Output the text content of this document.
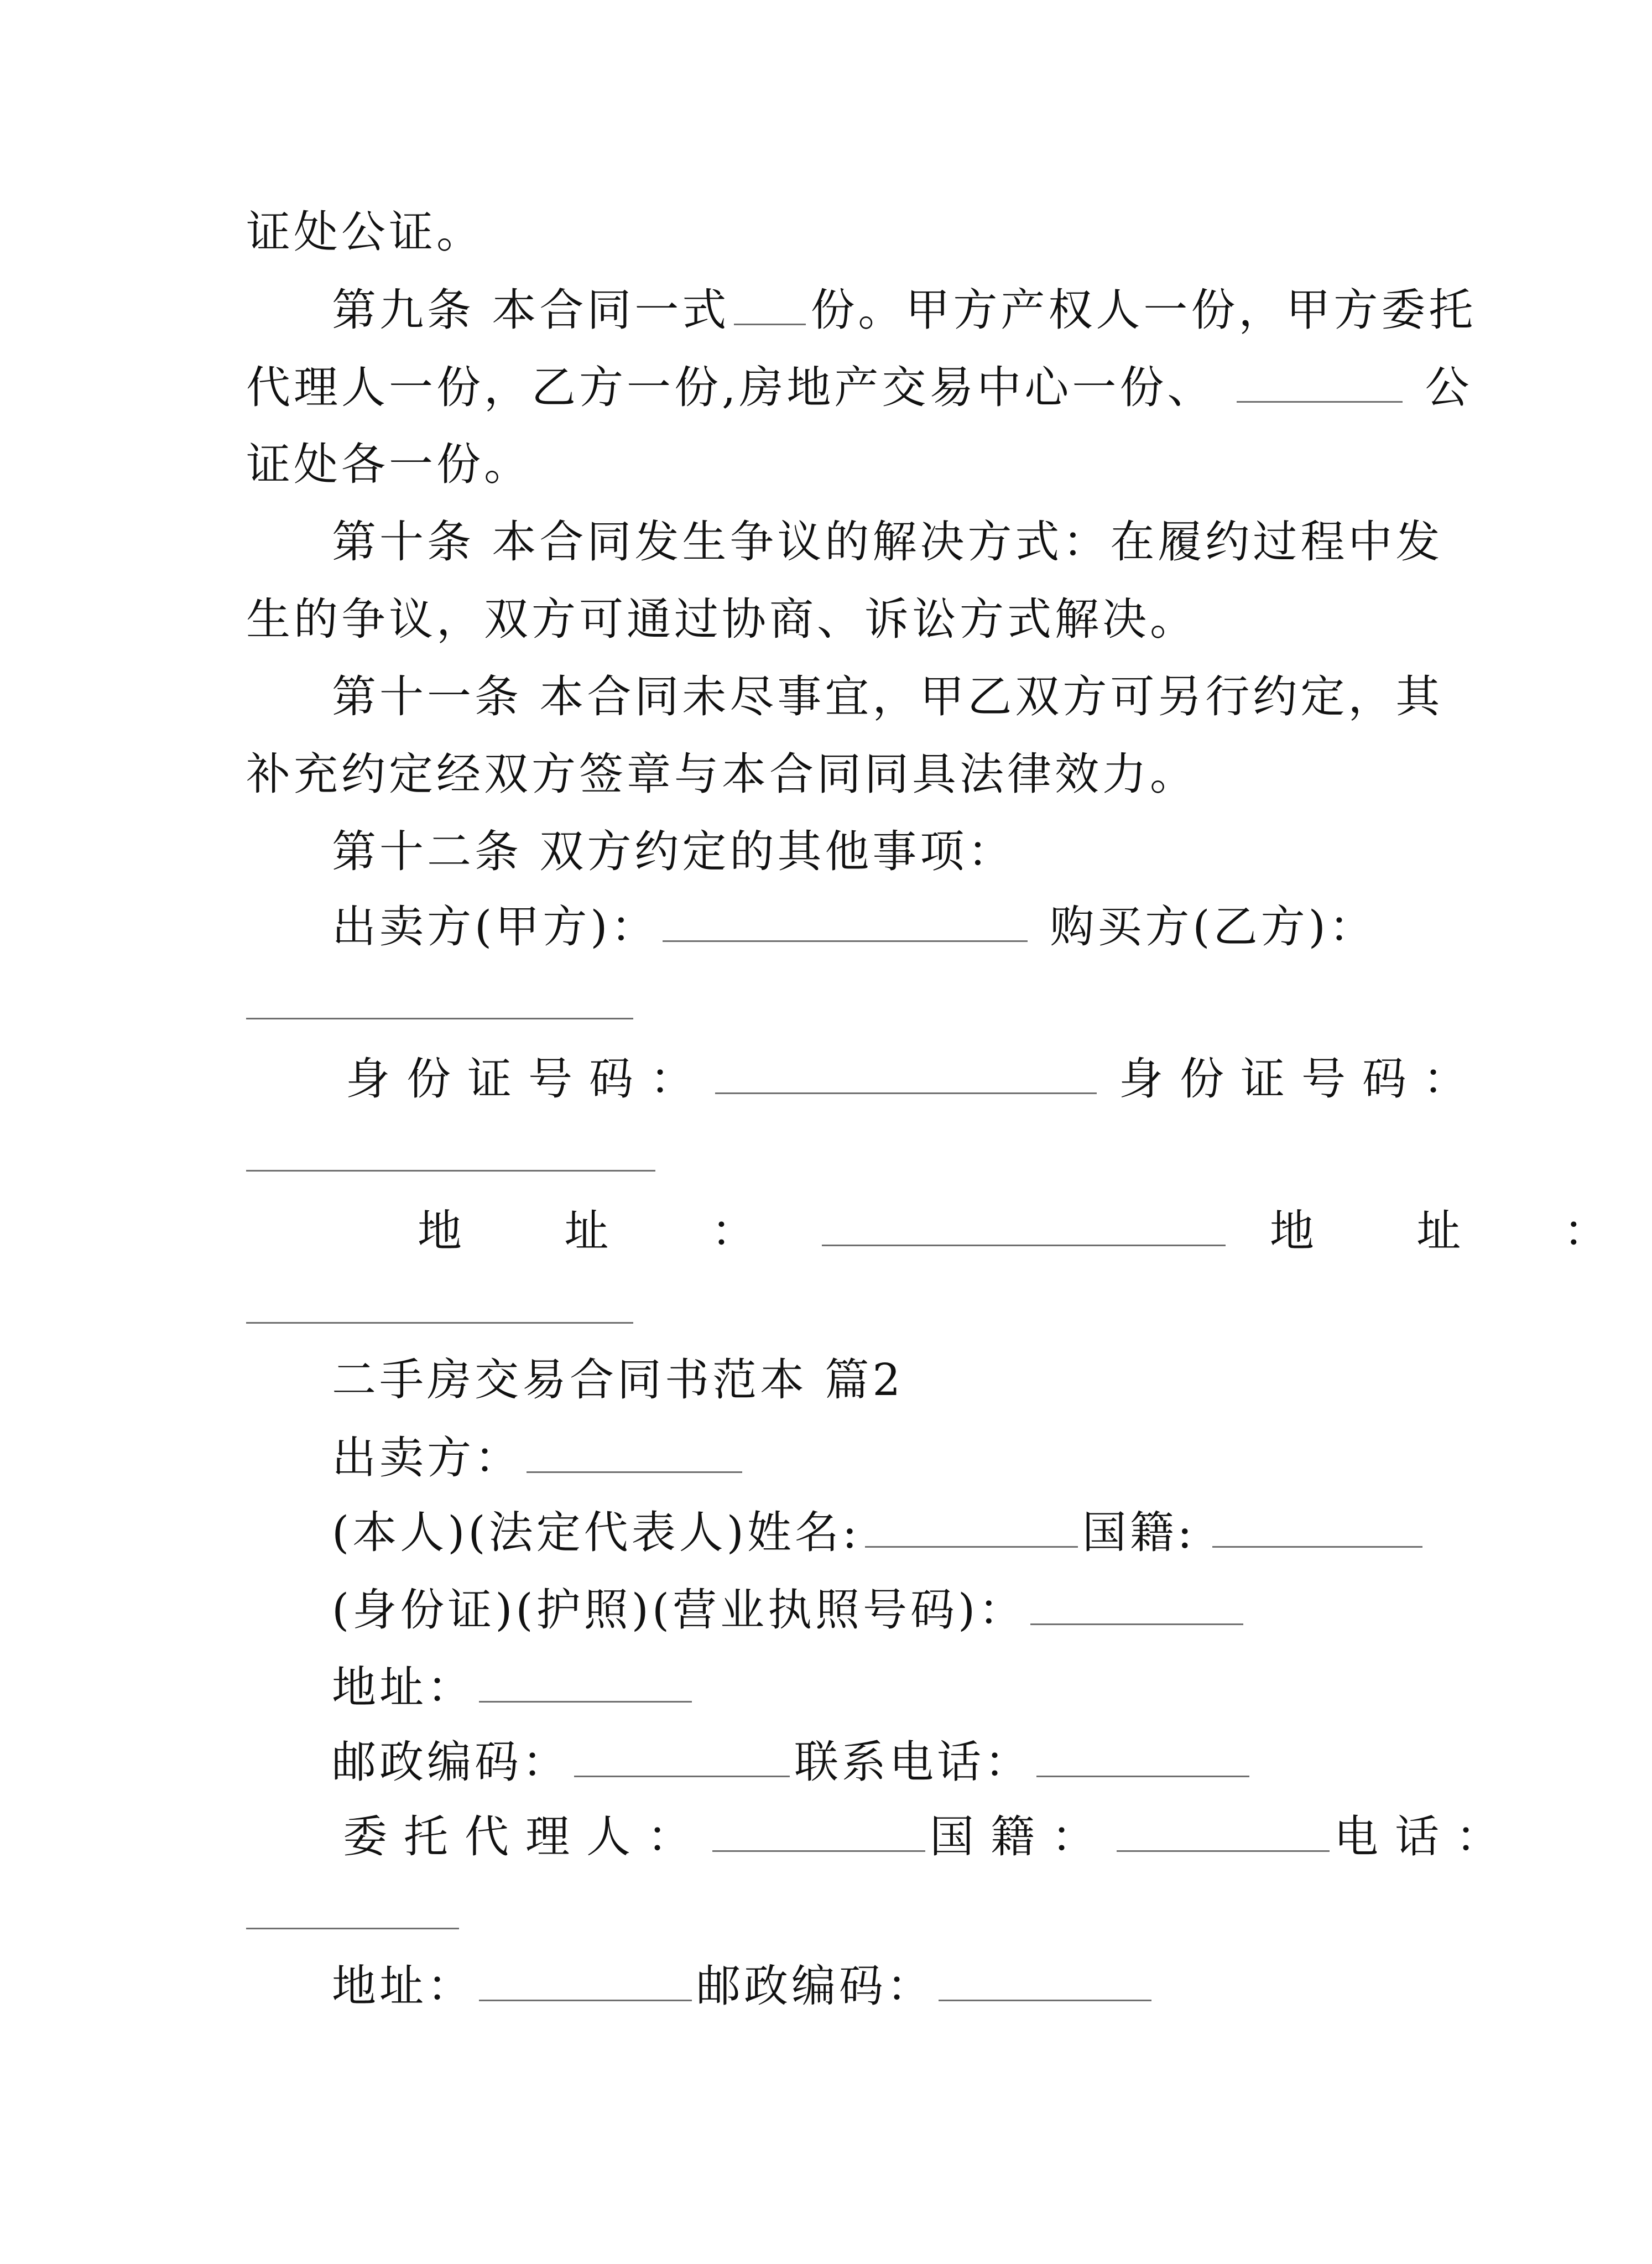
证处公证。
第九条 本合同一式 份。甲方产权人一份，甲方委托
代理人一份，乙方一份,房地产交易中心一份、	公
证处各一份。
第十条 本合同发生争议的解决方式：在履约过程中发
生的争议，双方可通过协商、诉讼方式解决。
第十一条 本合同未尽事宜，甲乙双方可另行约定，其
补充约定经双方签章与本合同同具法律效力。
第十二条 双方约定的其他事项：
出卖方(甲方)：	购买方(乙方)：
身份证号码：	身份证号码：
地 址 ：	地 址 ：
二手房交易合同书范本 篇2
出卖方：
(本人)(法定代表人)姓名:	国籍:
(身份证)(护照)(营业执照号码)：
地址：
邮政编码：	联系电话：
委托代理人：	国籍：	电话：
地址：	邮政编码：
